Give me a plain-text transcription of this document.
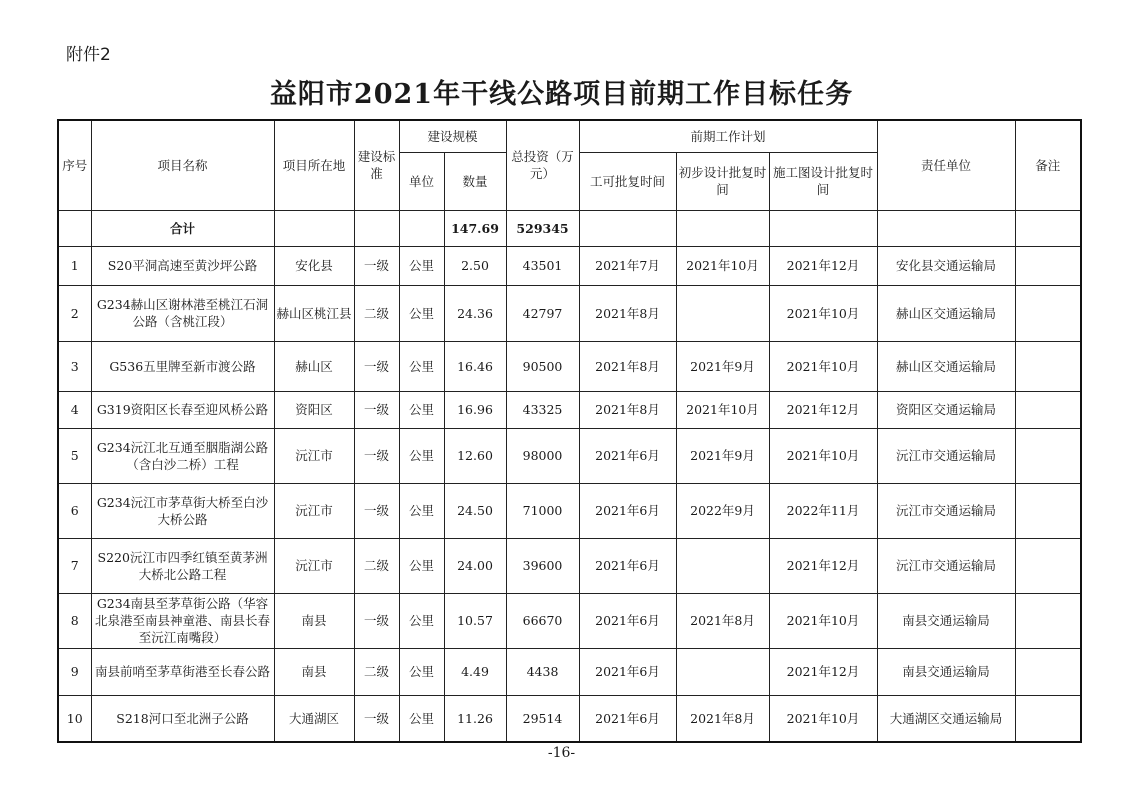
附件2
益阳市2021年干线公路项目前期工作目标任务
序号	项目名称	项目所在地	建设标准	建设规模		总投资（万元）	前期工作计划			责任单位	备注
				单位	数量		工可批复时间	初步设计批复时间	施工图设计批复时间		
	合计				147.69	529345					
1	S20平洞高速至黄沙坪公路	安化县	一级	公里	2.50	43501	2021年7月	2021年10月	2021年12月	安化县交通运输局	
2	G234赫山区谢林港至桃江石洞公路（含桃江段）	赫山区桃江县	二级	公里	24.36	42797	2021年8月		2021年10月	赫山区交通运输局	
3	G536五里牌至新市渡公路	赫山区	一级	公里	16.46	90500	2021年8月	2021年9月	2021年10月	赫山区交通运输局	
4	G319资阳区长春至迎风桥公路	资阳区	一级	公里	16.96	43325	2021年8月	2021年10月	2021年12月	资阳区交通运输局	
5	G234沅江北互通至胭脂湖公路（含白沙二桥）工程	沅江市	一级	公里	12.60	98000	2021年6月	2021年9月	2021年10月	沅江市交通运输局	
6	G234沅江市茅草街大桥至白沙大桥公路	沅江市	一级	公里	24.50	71000	2021年6月	2022年9月	2022年11月	沅江市交通运输局	
7	S220沅江市四季红镇至黄茅洲大桥北公路工程	沅江市	二级	公里	24.00	39600	2021年6月		2021年12月	沅江市交通运输局	
8	G234南县至茅草街公路（华容北泉港至南县神童港、南县长春至沅江南嘴段）	南县	一级	公里	10.57	66670	2021年6月	2021年8月	2021年10月	南县交通运输局	
9	南县前哨至茅草街港至长春公路	南县	二级	公里	4.49	4438	2021年6月		2021年12月	南县交通运输局	
10	S218河口至北洲子公路	大通湖区	一级	公里	11.26	29514	2021年6月	2021年8月	2021年10月	大通湖区交通运输局	
-16-
